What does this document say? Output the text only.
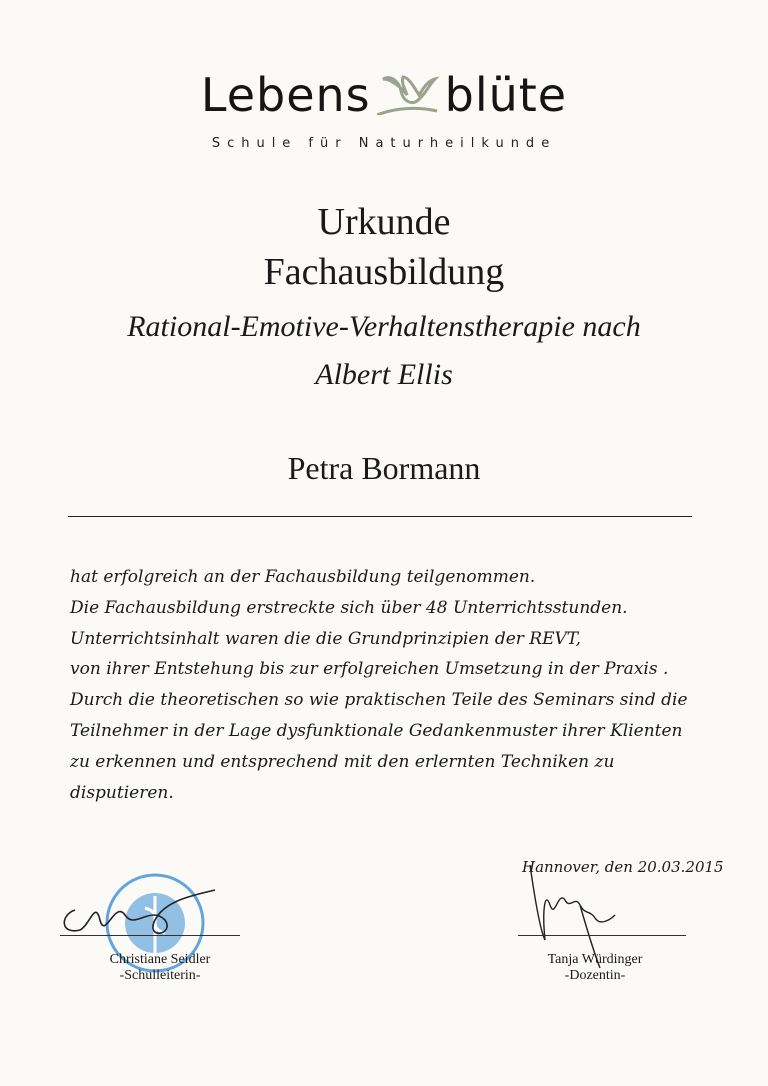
Lebens blüte
Schule für Naturheilkunde
Urkunde
Fachausbildung
Rational-Emotive-Verhaltenstherapie nach
Albert Ellis
Petra Bormann
hat erfolgreich an der Fachausbildung teilgenommen.
Die Fachausbildung erstreckte sich über 48 Unterrichtsstunden.
Unterrichtsinhalt waren die die Grundprinzipien der REVT,
von ihrer Entstehung bis zur erfolgreichen Umsetzung in der Praxis .
Durch die theoretischen so wie praktischen Teile des Seminars sind die
Teilnehmer in der Lage dysfunktionale Gedankenmuster ihrer Klienten
zu erkennen und entsprechend mit den erlernten Techniken zu
disputieren.
Hannover, den 20.03.2015
Christiane Seidler
-Schulleiterin-
Tanja Würdinger
-Dozentin-
